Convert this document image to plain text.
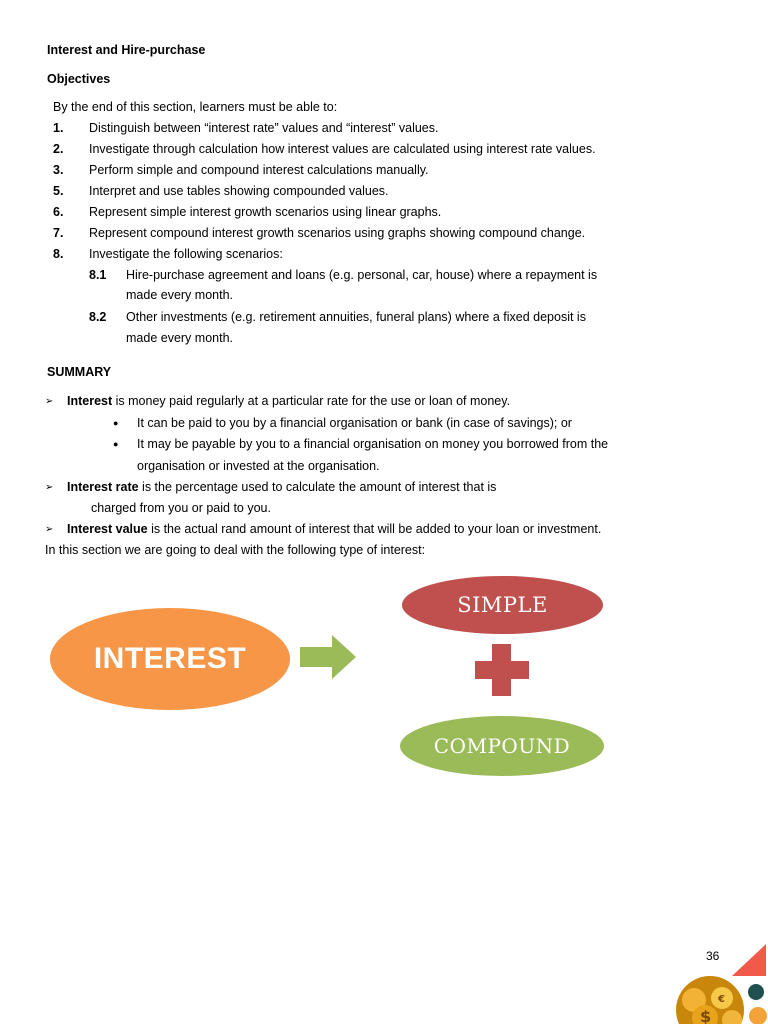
Interest and Hire-purchase
Objectives
By the end of this section, learners must be able to:
1. Distinguish between “interest rate” values and “interest” values.
2. Investigate through calculation how interest values are calculated using interest rate values.
3. Perform simple and compound interest calculations manually.
5. Interpret and use tables showing compounded values.
6. Represent simple interest growth scenarios using linear graphs.
7. Represent compound interest growth scenarios using graphs showing compound change.
8. Investigate the following scenarios:
8.1 Hire-purchase agreement and loans (e.g. personal, car, house) where a repayment is
made every month.
8.2 Other investments (e.g. retirement annuities, funeral plans) where a fixed deposit is
made every month.
SUMMARY
➢ Interest is money paid regularly at a particular rate for the use or loan of money.
● It can be paid to you by a financial organisation or bank (in case of savings); or
● It may be payable by you to a financial organisation on money you borrowed from the
organisation or invested at the organisation.
➢ Interest rate is the percentage used to calculate the amount of interest that is
charged from you or paid to you.
➢ Interest value is the actual rand amount of interest that will be added to your loan or investment.
In this section we are going to deal with the following type of interest:
INTEREST
SIMPLE
COMPOUND
36
$
€
